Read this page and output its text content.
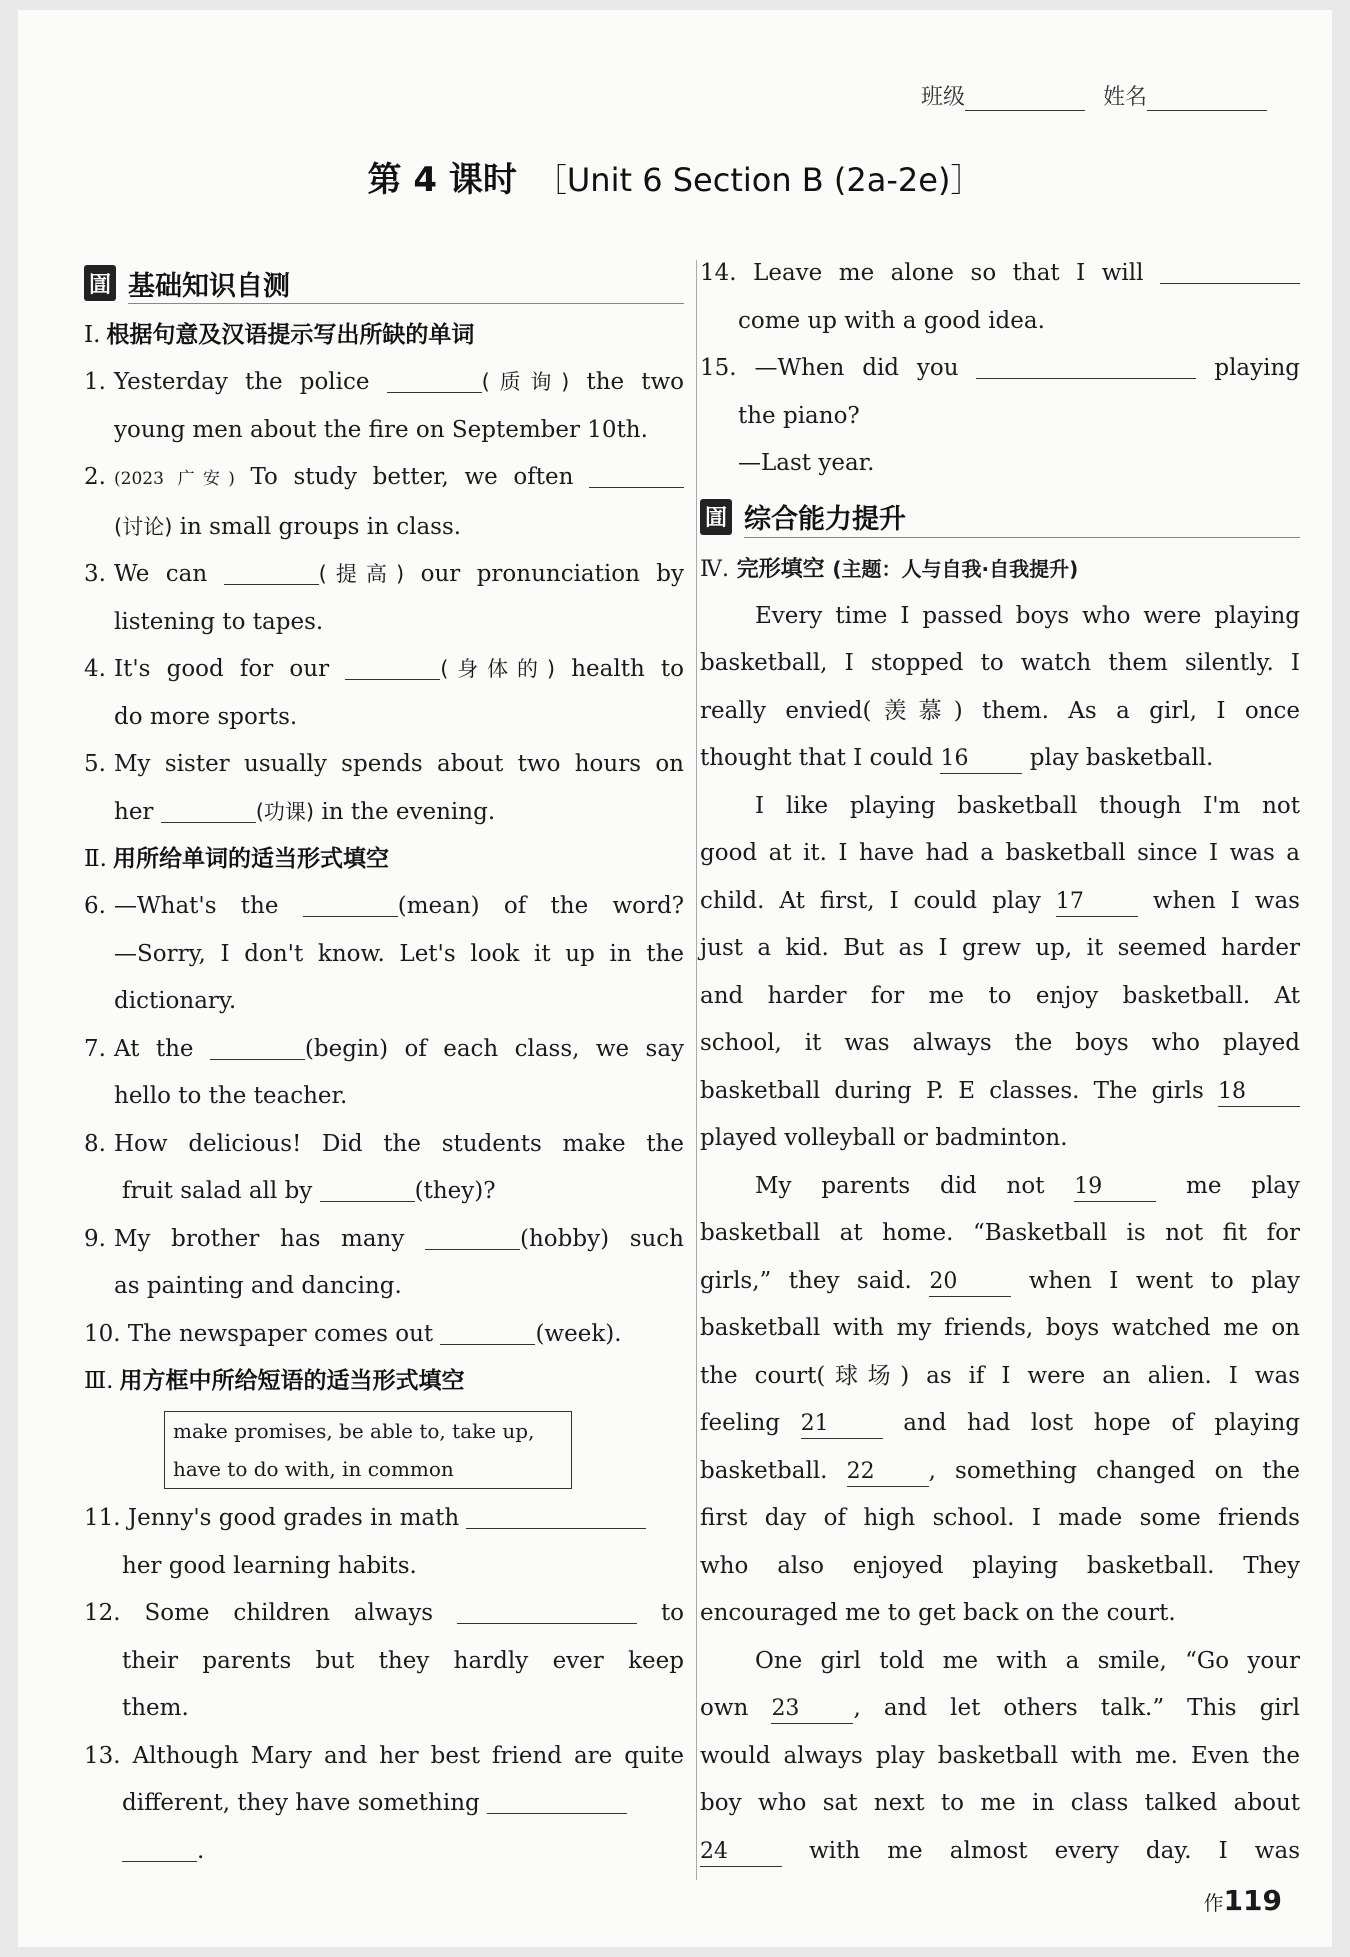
班级	姓名
第 4 课时 ［Unit 6 Section B (2a-2e)］
圁 基础知识自测
Ⅰ. 根据句意及汉语提示写出所缺的单词
1. Yesterday the police	(质询) the two
young men about the fire on September 10th.
2. (2023 广安) To study better, we often
(讨论) in small groups in class.
3. We can	(提高) our pronunciation by
listening to tapes.
4. It's good for our	(身体的) health to
do more sports.
5. My sister usually spends about two hours on
her	(功课) in the evening.
Ⅱ. 用所给单词的适当形式填空
6. —What's the	(mean) of the word?
—Sorry, I don't know. Let's look it up in the
dictionary.
7. At the	(begin) of each class, we say
hello to the teacher.
8. How delicious! Did the students make the
fruit salad all by	(they)?
9. My brother has many	(hobby) such
as painting and dancing.
10. The newspaper comes out	(week).
Ⅲ. 用方框中所给短语的适当形式填空
make promises, be able to, take up,
have to do with, in common
11. Jenny's good grades in math
her good learning habits.
12. Some children always	to
their parents but they hardly ever keep
them.
13. Although Mary and her best friend are quite
different, they have something
.
14. Leave me alone so that I will
come up with a good idea.
15. —When did you	playing
the piano?
—Last year.
圁 综合能力提升
Ⅳ. 完形填空 (主题：人与自我·自我提升)
Every time I passed boys who were playing
basketball, I stopped to watch them silently. I
really envied(羡慕) them. As a girl, I once
thought that I could 16	play basketball.
I like playing basketball though I'm not
good at it. I have had a basketball since I was a
child. At first, I could play 17	when I was
just a kid. But as I grew up, it seemed harder
and harder for me to enjoy basketball. At
school, it was always the boys who played
basketball during P. E classes. The girls 18
played volleyball or badminton.
My parents did not 19	me play
basketball at home. “Basketball is not fit for
girls,” they said. 20	when I went to play
basketball with my friends, boys watched me on
the court(球场) as if I were an alien. I was
feeling 21	and had lost hope of playing
basketball. 22 , something changed on the
first day of high school. I made some friends
who also enjoyed playing basketball. They
encouraged me to get back on the court.
One girl told me with a smile, “Go your
own 23 , and let others talk.” This girl
would always play basketball with me. Even the
boy who sat next to me in class talked about
24	with me almost every day. I was
作119
